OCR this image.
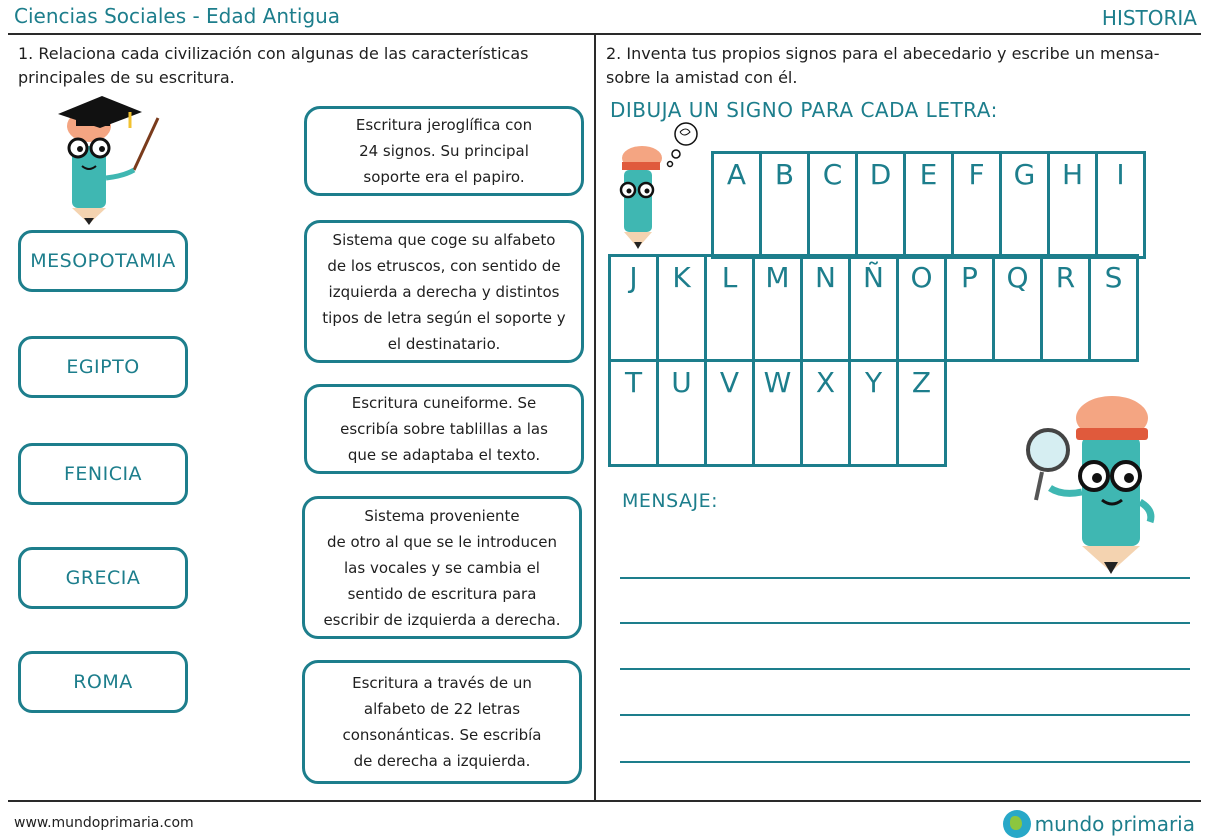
Ciencias Sociales - Edad Antigua	HISTORIA
1. Relaciona cada civilización con algunas de las características
principales de su escritura.
MESOPOTAMIA
EGIPTO
FENICIA
GRECIA
ROMA
Escritura jeroglífica con
24 signos. Su principal
soporte era el papiro.
Sistema que coge su alfabeto
de los etruscos, con sentido de
izquierda a derecha y distintos
tipos de letra según el soporte y
el destinatario.
Escritura cuneiforme. Se
escribía sobre tablillas a las
que se adaptaba el texto.
Sistema proveniente
de otro al que se le introducen
las vocales y se cambia el
sentido de escritura para
escribir de izquierda a derecha.
Escritura a través de un
alfabeto de 22 letras
consonánticas. Se escribía
de derecha a izquierda.
2. Inventa tus propios signos para el abecedario y escribe un mensa-
sobre la amistad con él.
DIBUJA UN SIGNO PARA CADA LETRA:
A	B	C	D	E	F	G	H	I
J	K	L	M	N	Ñ	O	P	Q	R	S
T	U	V	W	X	Y	Z
MENSAJE:
www.mundoprimaria.com	mundo primaria
